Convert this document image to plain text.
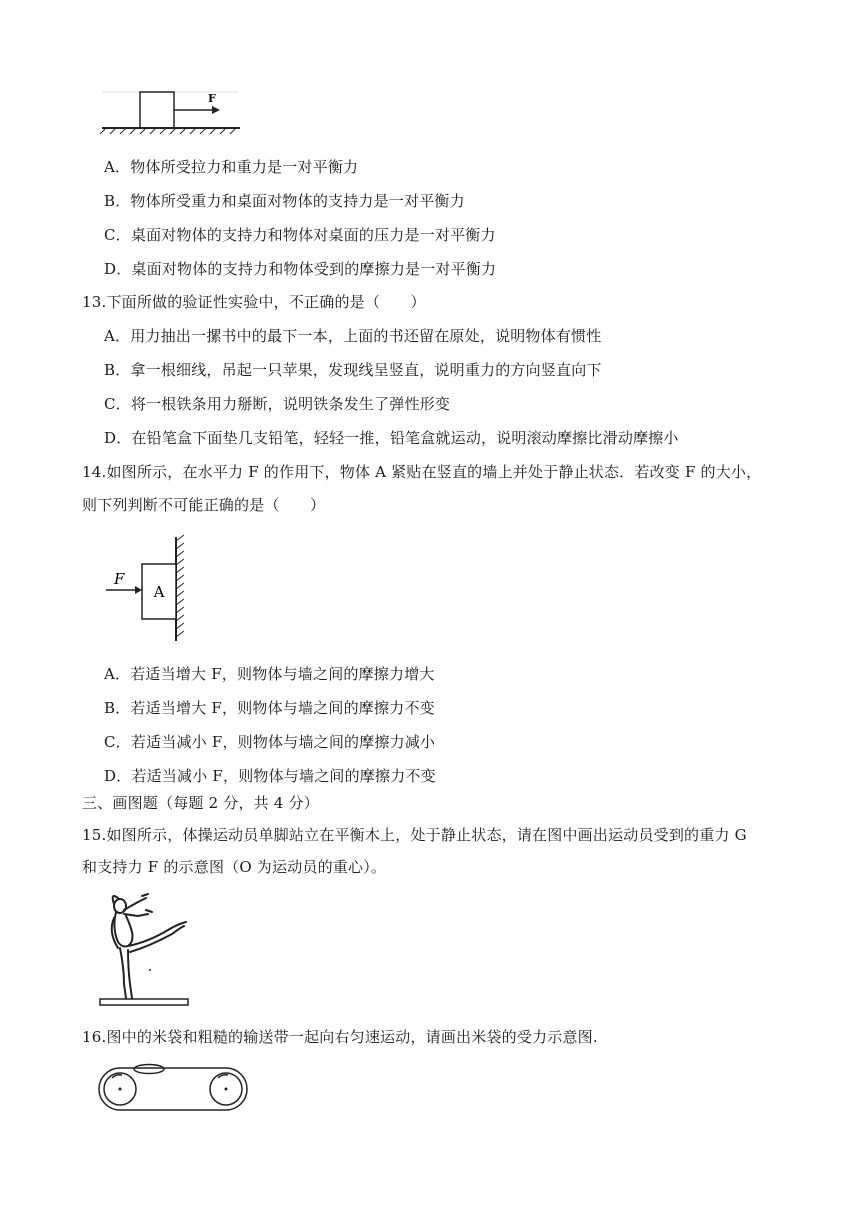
F
A．物体所受拉力和重力是一对平衡力
B．物体所受重力和桌面对物体的支持力是一对平衡力
C．桌面对物体的支持力和物体对桌面的压力是一对平衡力
D．桌面对物体的支持力和物体受到的摩擦力是一对平衡力
13.下面所做的验证性实验中，不正确的是（　　）
A．用力抽出一摞书中的最下一本，上面的书还留在原处，说明物体有惯性
B．拿一根细线，吊起一只苹果，发现线呈竖直，说明重力的方向竖直向下
C．将一根铁条用力掰断，说明铁条发生了弹性形变
D．在铅笔盒下面垫几支铅笔，轻轻一推，铅笔盒就运动，说明滚动摩擦比滑动摩擦小
14.如图所示，在水平力 F 的作用下，物体 A 紧贴在竖直的墙上并处于静止状态．若改变 F 的大小，
则下列判断不可能正确的是（　　）
A
F
A．若适当增大 F，则物体与墙之间的摩擦力增大
B．若适当增大 F，则物体与墙之间的摩擦力不变
C．若适当减小 F，则物体与墙之间的摩擦力减小
D．若适当减小 F，则物体与墙之间的摩擦力不变
三、画图题（每题 2 分，共 4 分）
15.如图所示，体操运动员单脚站立在平衡木上，处于静止状态，请在图中画出运动员受到的重力 G
和支持力 F 的示意图（O 为运动员的重心）。
16.图中的米袋和粗糙的输送带一起向右匀速运动，请画出米袋的受力示意图.
